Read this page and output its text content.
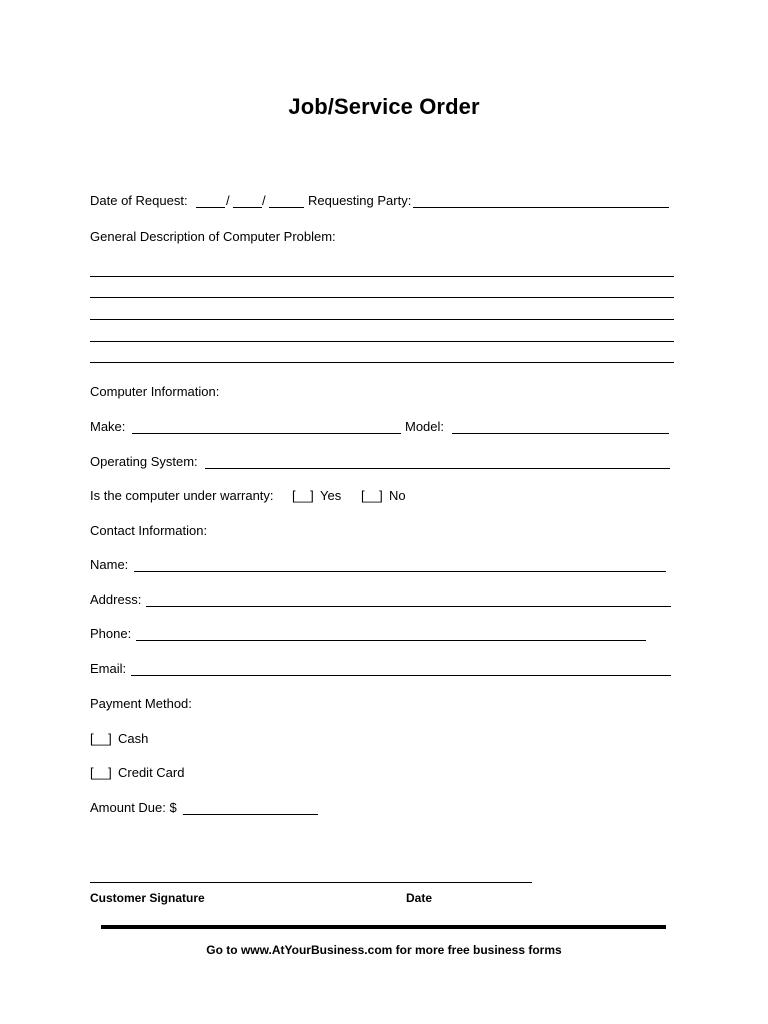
Job/Service Order
Date of Request:	/ /	Requesting Party:
General Description of Computer Problem:
Computer Information:
Make:	Model:
Operating System:
Is the computer under warranty: [__] Yes [__] No
Contact Information:
Name:
Address:
Phone:
Email:
Payment Method:
[__] Cash
[__] Credit Card
Amount Due: $
Customer Signature	Date
Go to www.AtYourBusiness.com for more free business forms
